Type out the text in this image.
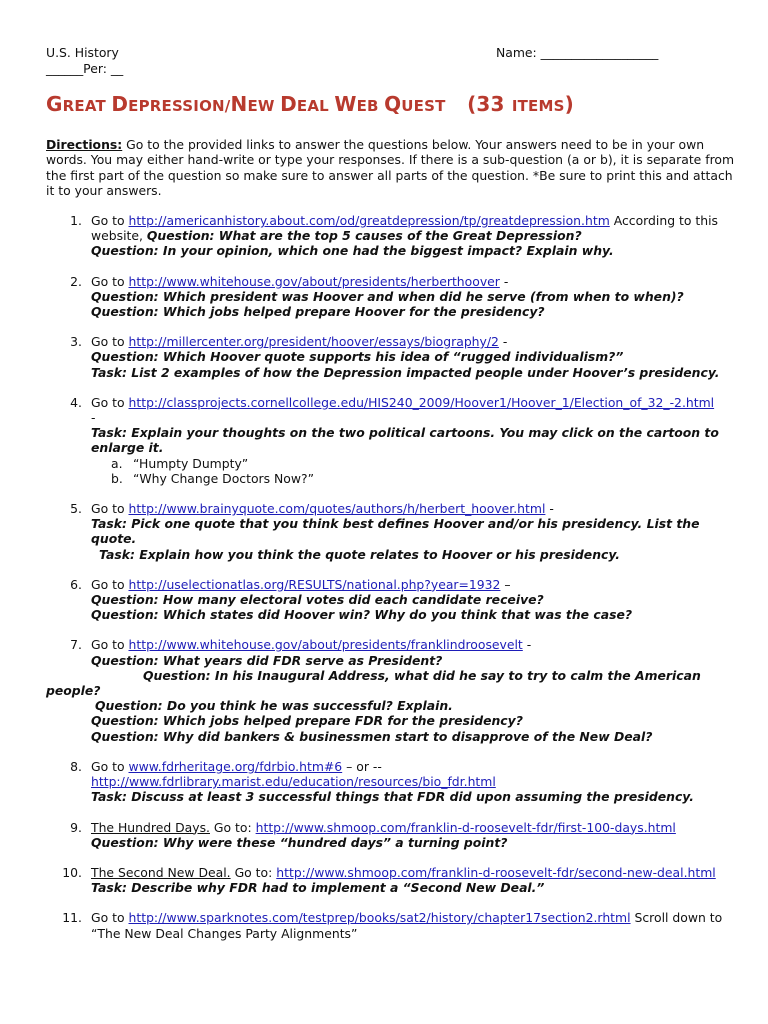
U.S. History
______Per: __
Name: ___________________
GREAT DEPRESSION/NEW DEAL WEB QUEST (33 ITEMS)
Directions: Go to the provided links to answer the questions below. Your answers need to be in your own words. You may either hand-write or type your responses. If there is a sub-question (a or b), it is separate from the first part of the question so make sure to answer all parts of the question. *Be sure to print this and attach it to your answers.
1. Go to http://americanhistory.about.com/od/greatdepression/tp/greatdepression.htm According to this website, Question: What are the top 5 causes of the Great Depression?
Question: In your opinion, which one had the biggest impact? Explain why.
2. Go to http://www.whitehouse.gov/about/presidents/herberthoover -
Question: Which president was Hoover and when did he serve (from when to when)?
Question: Which jobs helped prepare Hoover for the presidency?
3. Go to http://millercenter.org/president/hoover/essays/biography/2 -
Question: Which Hoover quote supports his idea of “rugged individualism?”
Task: List 2 examples of how the Depression impacted people under Hoover’s presidency.
4. Go to http://classprojects.cornellcollege.edu/HIS240_2009/Hoover1/Hoover_1/Election_of_32_-2.html
-
Task: Explain your thoughts on the two political cartoons. You may click on the cartoon to enlarge it.
a. “Humpty Dumpty”
b. “Why Change Doctors Now?”
5. Go to http://www.brainyquote.com/quotes/authors/h/herbert_hoover.html -
Task: Pick one quote that you think best defines Hoover and/or his presidency. List the quote.
Task: Explain how you think the quote relates to Hoover or his presidency.
6. Go to http://uselectionatlas.org/RESULTS/national.php?year=1932 –
Question: How many electoral votes did each candidate receive?
Question: Which states did Hoover win? Why do you think that was the case?
7. Go to http://www.whitehouse.gov/about/presidents/franklindroosevelt -
Question: What years did FDR serve as President?
Question: In his Inaugural Address, what did he say to try to calm the American people?
Question: Do you think he was successful? Explain.
Question: Which jobs helped prepare FDR for the presidency?
Question: Why did bankers & businessmen start to disapprove of the New Deal?
8. Go to www.fdrheritage.org/fdrbio.htm#6 – or --
http://www.fdrlibrary.marist.edu/education/resources/bio_fdr.html
Task: Discuss at least 3 successful things that FDR did upon assuming the presidency.
9. The Hundred Days. Go to: http://www.shmoop.com/franklin-d-roosevelt-fdr/first-100-days.html
Question: Why were these “hundred days” a turning point?
10. The Second New Deal. Go to: http://www.shmoop.com/franklin-d-roosevelt-fdr/second-new-deal.html
Task: Describe why FDR had to implement a “Second New Deal.”
11. Go to http://www.sparknotes.com/testprep/books/sat2/history/chapter17section2.rhtml Scroll down to “The New Deal Changes Party Alignments”
